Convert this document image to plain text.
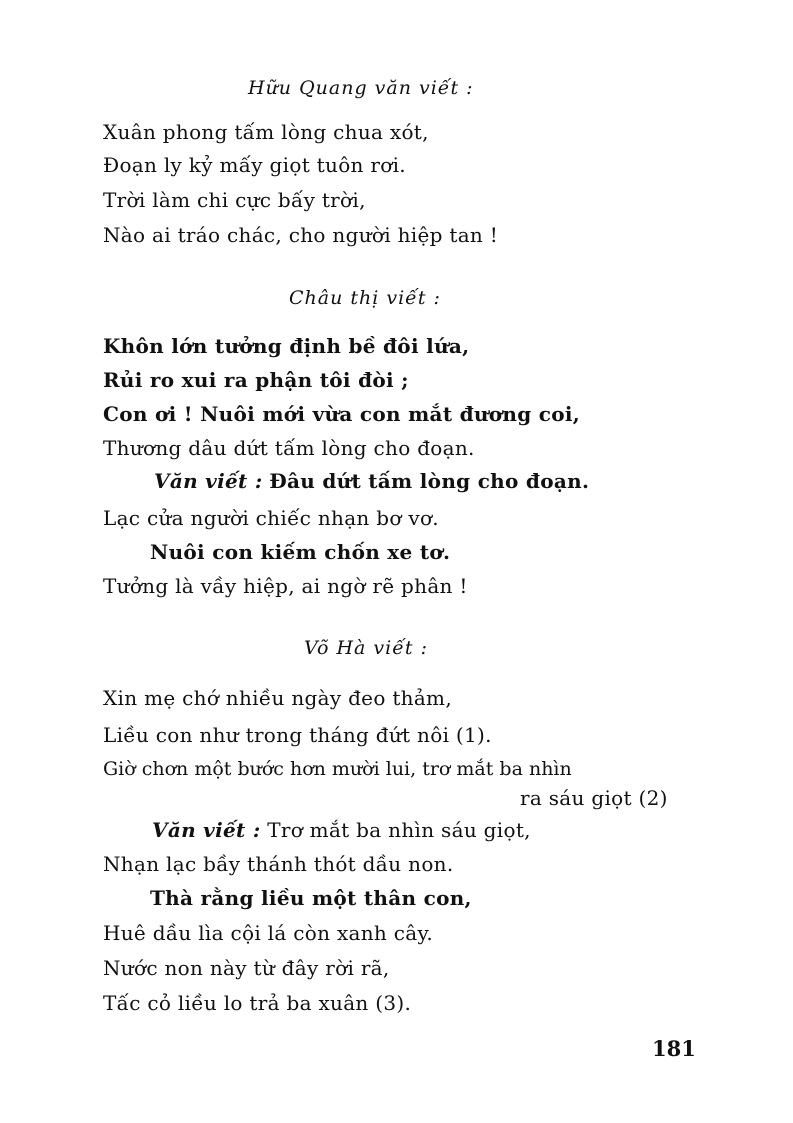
Hữu Quang văn viết :
Xuân phong tấm lòng chua xót,
Đoạn ly kỷ mấy giọt tuôn rơi.
Trời làm chi cực bấy trời,
Nào ai tráo chác, cho người hiệp tan !
Châu thị viết :
Khôn lớn tưởng định bề đôi lứa,
Rủi ro xui ra phận tôi đòi ;
Con ơi ! Nuôi mới vừa con mắt đương coi,
Thương dâu dứt tấm lòng cho đoạn.
Văn viết : Đâu dứt tấm lòng cho đoạn.
Lạc cửa người chiếc nhạn bơ vơ.
Nuôi con kiếm chốn xe tơ.
Tưởng là vầy hiệp, ai ngờ rẽ phân !
Võ Hà viết :
Xin mẹ chớ nhiều ngày đeo thảm,
Liều con như trong tháng đứt nôi (1).
Giờ chơn một bước hơn mười lui, trơ mắt ba nhìn
ra sáu giọt (2)
Văn viết : Trơ mắt ba nhìn sáu giọt,
Nhạn lạc bầy thánh thót dầu non.
Thà rằng liều một thân con,
Huê dầu lìa cội lá còn xanh cây.
Nước non này từ đây rời rã,
Tấc cỏ liều lo trả ba xuân (3).
181
